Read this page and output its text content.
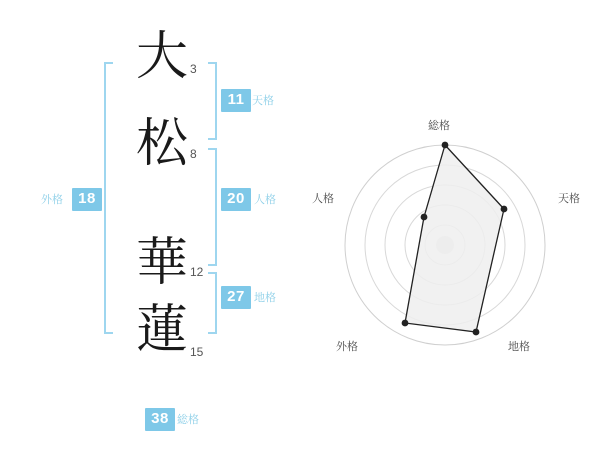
大
松
華
蓮
3
8
12
15
11 天格
20 人格
27 地格
18
外格
38 総格
総格
天格
地格
外格
人格
